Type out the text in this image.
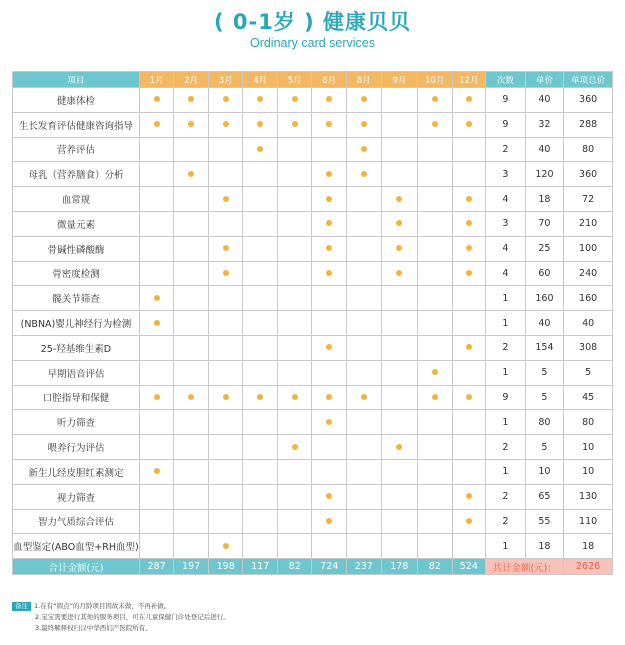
( 0-1岁 ) 健康贝贝
Ordinary card services
项目	1月	2月	3月	4月	5月	6月	8月	9月	10月	12月	次数	单价	单项总价
健康体检											9	40	360
生长发育评估健康咨询指导											9	32	288
营养评估											2	40	80
母乳（营养膳食）分析											3	120	360
血常规											4	18	72
微量元素											3	70	210
骨碱性磷酸酶											4	25	100
骨密度检测											4	60	240
髋关节筛查											1	160	160
(NBNA)婴儿神经行为检测											1	40	40
25-羟基维生素D											2	154	308
早期语音评估											1	5	5
口腔指导和保健											9	5	45
听力筛查											1	80	80
喂养行为评估											2	5	10
新生儿经皮胆红素测定											1	10	10
视力筛查											2	65	130
智力气质综合评估											2	55	110
血型鉴定(ABO血型+RH血型)											1	18	18
合计金额(元)	287	197	198	117	82	724	237	178	82	524	共计金额(元)：		2626
备注 1.在有“圆点”的月龄项目因故未做，不再补做。
2.宝宝需要进行其他的服务项目，可在儿童保健门诊处登记后进行。
3.最终解释权归汉中华西妇产医院所有。
